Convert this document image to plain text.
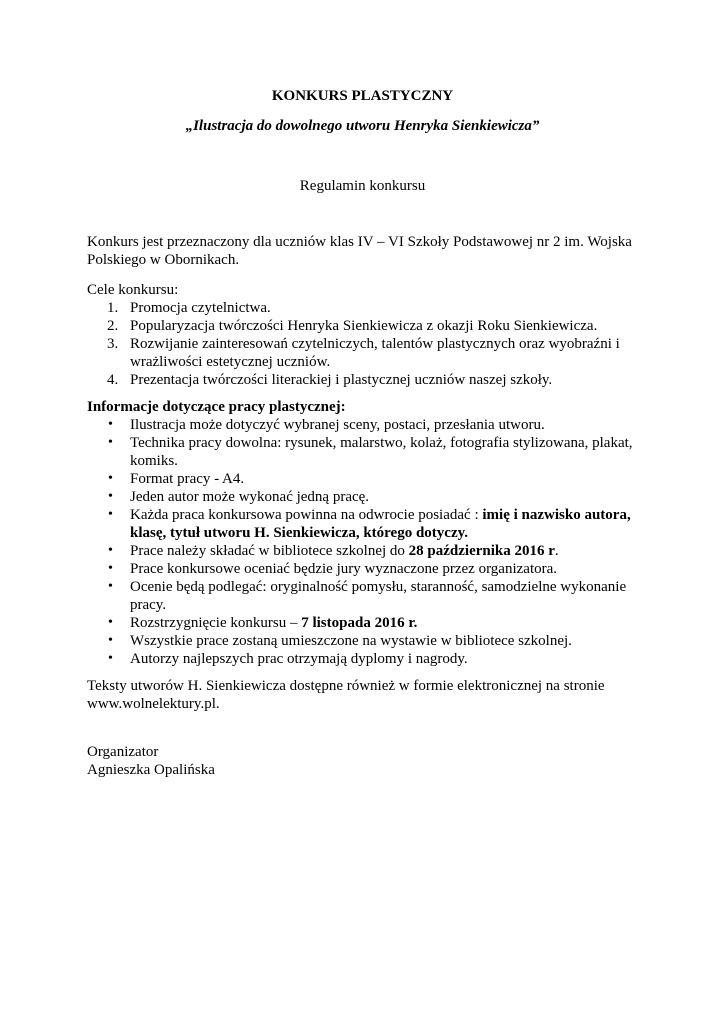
KONKURS PLASTYCZNY
„Ilustracja do dowolnego utworu Henryka Sienkiewicza”
Regulamin konkursu

Konkurs jest przeznaczony dla uczniów klas IV – VI Szkoły Podstawowej nr 2 im. Wojska

Polskiego w Obornikach.

Cele konkursu:

1. Promocja czytelnictwa.
2. Popularyzacja twórczości Henryka Sienkiewicza z okazji Roku Sienkiewicza.
3. Rozwijanie zainteresowań czytelniczych, talentów plastycznych oraz wyobraźni i
wrażliwości estetycznej uczniów.
4. Prezentacja twórczości literackiej i plastycznej uczniów naszej szkoły.

Informacje dotyczące pracy plastycznej:

• Ilustracja może dotyczyć wybranej sceny, postaci, przesłania utworu.
• Technika pracy dowolna: rysunek, malarstwo, kolaż, fotografia stylizowana, plakat,
komiks.
• Format pracy - A4.
• Jeden autor może wykonać jedną pracę.
• Każda praca konkursowa powinna na odwrocie posiadać : imię i nazwisko autora,
klasę, tytuł utworu H. Sienkiewicza, którego dotyczy.
• Prace należy składać w bibliotece szkolnej do 28 października 2016 r.
• Prace konkursowe oceniać będzie jury wyznaczone przez organizatora.
• Ocenie będą podlegać: oryginalność pomysłu, staranność, samodzielne wykonanie
pracy.
• Rozstrzygnięcie konkursu – 7 listopada 2016 r.
• Wszystkie prace zostaną umieszczone na wystawie w bibliotece szkolnej.
• Autorzy najlepszych prac otrzymają dyplomy i nagrody.

Teksty utworów H. Sienkiewicza dostępne również w formie elektronicznej na stronie

www.wolnelektury.pl.

Organizator

Agnieszka Opalińska
